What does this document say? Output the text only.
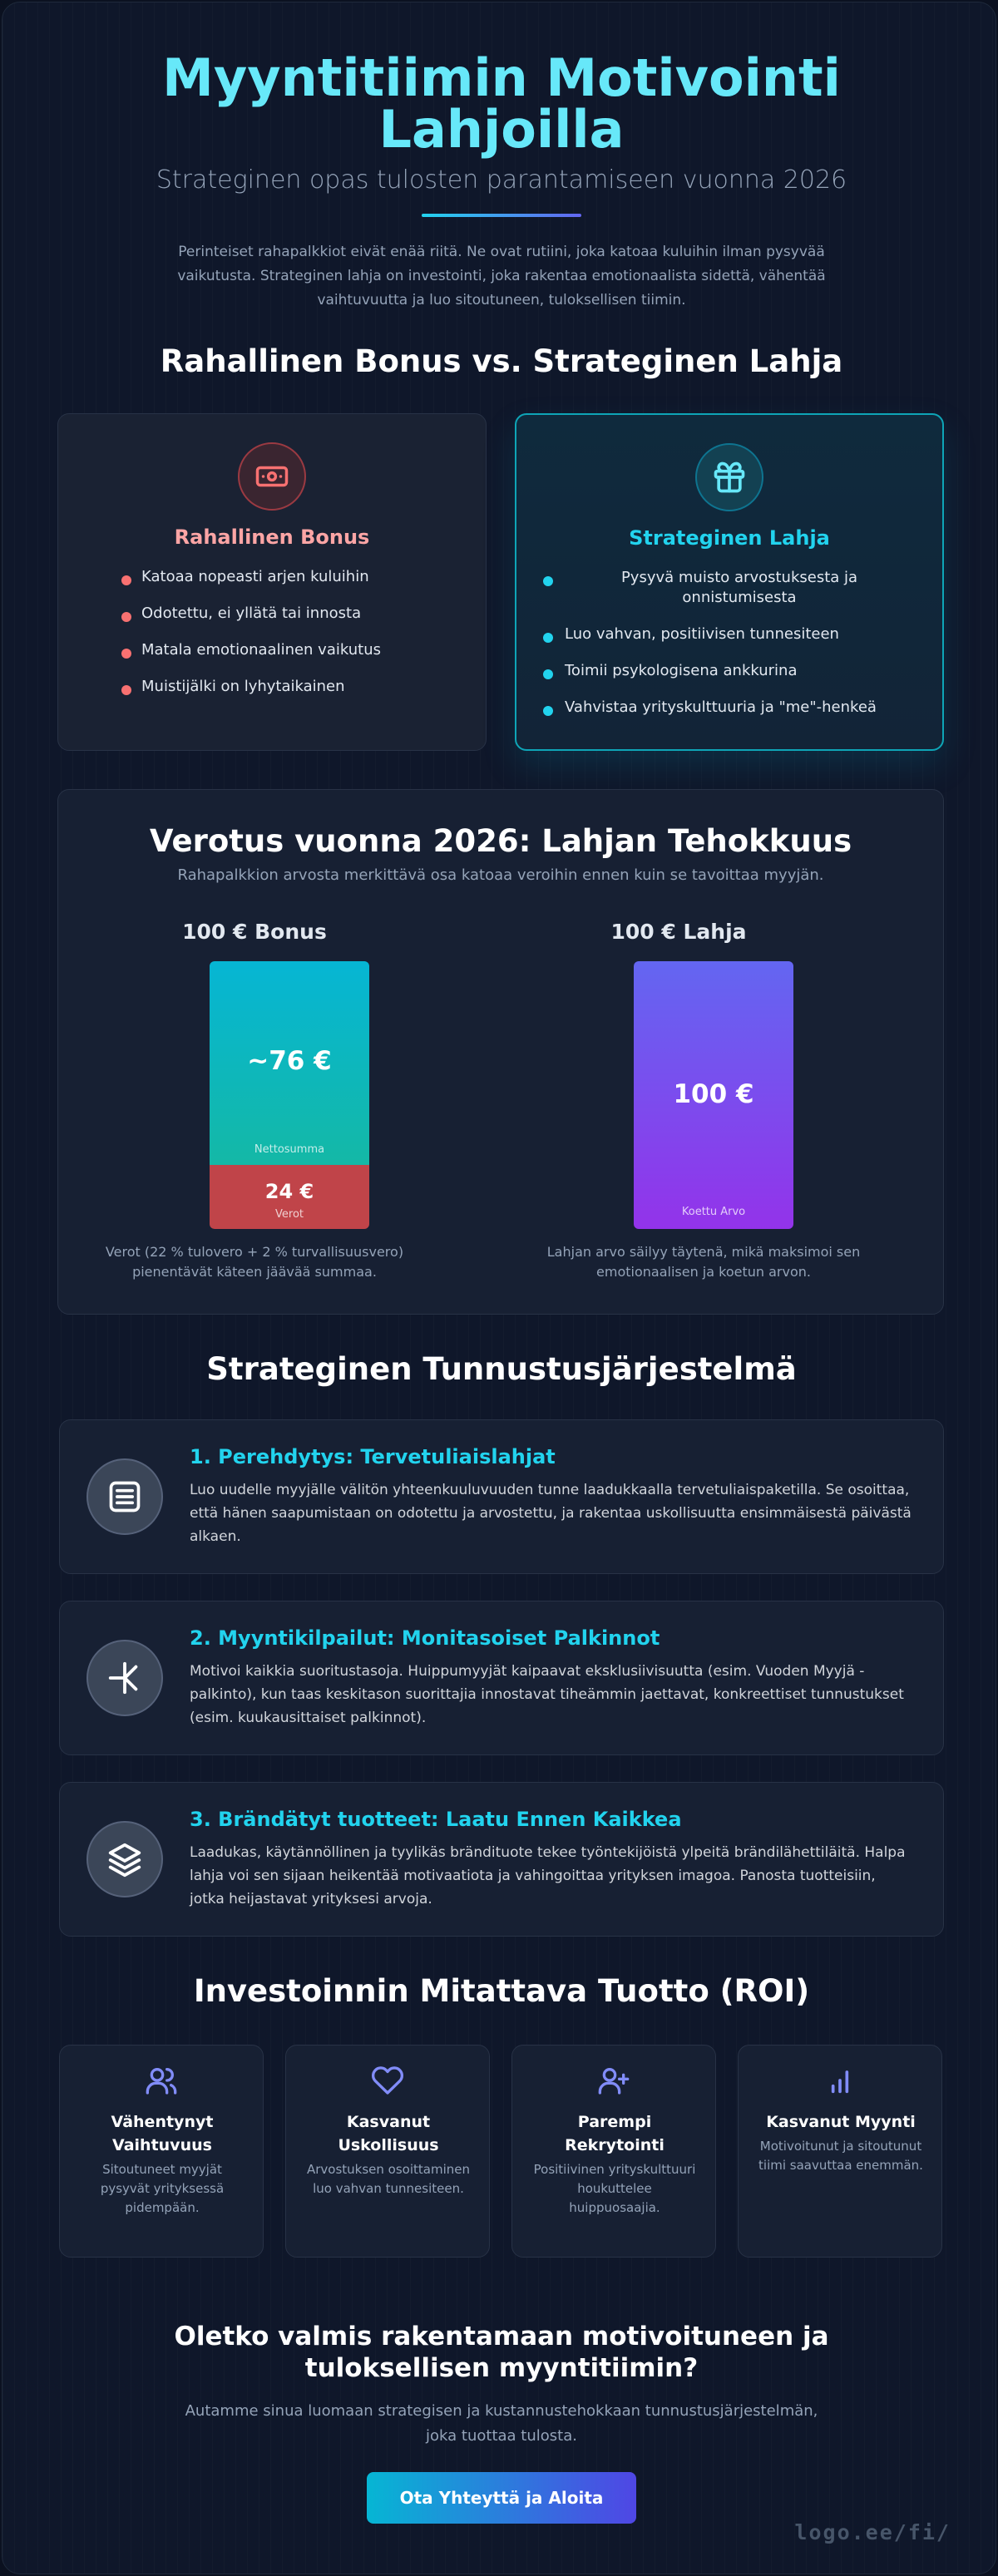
Myyntitiimin Motivointi Lahjoilla
Strateginen opas tulosten parantamiseen vuonna 2026

Perinteiset rahapalkkiot eivät enää riitä. Ne ovat rutiini, joka katoaa kuluihin ilman pysyvää vaikutusta. Strateginen lahja on investointi, joka rakentaa emotionaalista sidettä, vähentää vaihtuvuutta ja luo sitoutuneen, tuloksellisen tiimin.

Rahallinen Bonus vs. Strateginen Lahja
Rahallinen Bonus
Katoaa nopeasti arjen kuluihin
Odotettu, ei yllätä tai innosta
Matala emotionaalinen vaikutus
Muistijälki on lyhytaikainen
Strateginen Lahja
Pysyvä muisto arvostuksesta ja onnistumisesta
Luo vahvan, positiivisen tunnesiteen
Toimii psykologisena ankkurina
Vahvistaa yrityskulttuuria ja "me"-henkeä
Verotus vuonna 2026: Lahjan Tehokkuus

Rahapalkkion arvosta merkittävä osa katoaa veroihin ennen kuin se tavoittaa myyjän.

100 € Bonus
~76 €
Nettosumma
24 €
Verot

Verot (22 % tulovero + 2 % turvallisuusvero) pienentävät käteen jäävää summaa.

100 € Lahja
100 €
Koettu Arvo

Lahjan arvo säilyy täytenä, mikä maksimoi sen emotionaalisen ja koetun arvon.

Strateginen Tunnustusjärjestelmä
1. Perehdytys: Tervetuliaislahjat

Luo uudelle myyjälle välitön yhteenkuuluvuuden tunne laadukkaalla tervetuliaispaketilla. Se osoittaa, että hänen saapumistaan on odotettu ja arvostettu, ja rakentaa uskollisuutta ensimmäisestä päivästä alkaen.

2. Myyntikilpailut: Monitasoiset Palkinnot

Motivoi kaikkia suoritustasoja. Huippumyyjät kaipaavat eksklusiivisuutta (esim. Vuoden Myyjä -palkinto), kun taas keskitason suorittajia innostavat tiheämmin jaettavat, konkreettiset tunnustukset (esim. kuukausittaiset palkinnot).

3. Brändätyt tuotteet: Laatu Ennen Kaikkea

Laadukas, käytännöllinen ja tyylikäs brändituote tekee työntekijöistä ylpeitä brändilähettiläitä. Halpa lahja voi sen sijaan heikentää motivaatiota ja vahingoittaa yrityksen imagoa. Panosta tuotteisiin, jotka heijastavat yrityksesi arvoja.

Investoinnin Mitattava Tuotto (ROI)
Vähentynyt Vaihtuvuus

Sitoutuneet myyjät pysyvät yrityksessä pidempään.

Kasvanut Uskollisuus

Arvostuksen osoittaminen luo vahvan tunnesiteen.

Parempi Rekrytointi

Positiivinen yrityskulttuuri houkuttelee huippuosaajia.

Kasvanut Myynti

Motivoitunut ja sitoutunut tiimi saavuttaa enemmän.

Oletko valmis rakentamaan motivoituneen ja tuloksellisen myyntitiimin?

Autamme sinua luomaan strategisen ja kustannustehokkaan tunnustusjärjestelmän, joka tuottaa tulosta.

Ota Yhteyttä ja Aloita
logo.ee/fi/
